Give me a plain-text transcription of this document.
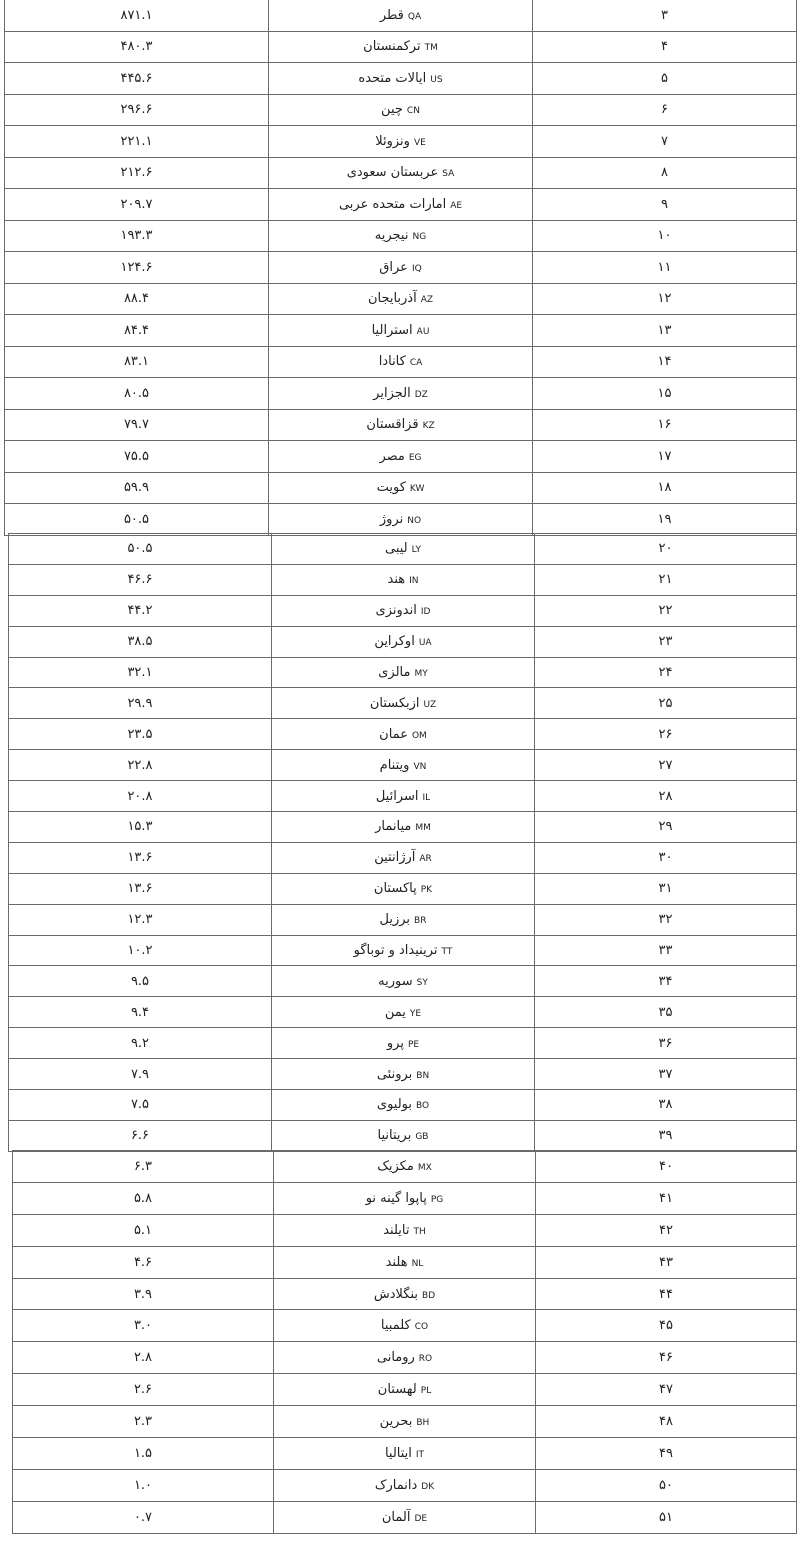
۸۷۱.۱	قطر QA	۳
۴۸۰.۳	ترکمنستان TM	۴
۴۴۵.۶	ایالات متحده US	۵
۲۹۶.۶	چین CN	۶
۲۲۱.۱	ونزوئلا VE	۷
۲۱۲.۶	عربستان سعودی SA	۸
۲۰۹.۷	امارات متحده عربی AE	۹
۱۹۳.۳	نیجریه NG	۱۰
۱۲۴.۶	عراق IQ	۱۱
۸۸.۴	آذربایجان AZ	۱۲
۸۴.۴	استرالیا AU	۱۳
۸۳.۱	کانادا CA	۱۴
۸۰.۵	الجزایر DZ	۱۵
۷۹.۷	قزاقستان KZ	۱۶
۷۵.۵	مصر EG	۱۷
۵۹.۹	کویت KW	۱۸
۵۰.۵	نروژ NO	۱۹
۵۰.۵	لیبی LY	۲۰
۴۶.۶	هند IN	۲۱
۴۴.۲	اندونزی ID	۲۲
۳۸.۵	اوکراین UA	۲۳
۳۲.۱	مالزی MY	۲۴
۲۹.۹	ازبکستان UZ	۲۵
۲۳.۵	عمان OM	۲۶
۲۲.۸	ویتنام VN	۲۷
۲۰.۸	اسرائیل IL	۲۸
۱۵.۳	میانمار MM	۲۹
۱۳.۶	آرژانتین AR	۳۰
۱۳.۶	پاکستان PK	۳۱
۱۲.۳	برزیل BR	۳۲
۱۰.۲	ترینیداد و توباگو TT	۳۳
۹.۵	سوریه SY	۳۴
۹.۴	یمن YE	۳۵
۹.۲	پرو PE	۳۶
۷.۹	برونئی BN	۳۷
۷.۵	بولیوی BO	۳۸
۶.۶	بریتانیا GB	۳۹
۶.۳	مکزیک MX	۴۰
۵.۸	پاپوا گینه نو PG	۴۱
۵.۱	تایلند TH	۴۲
۴.۶	هلند NL	۴۳
۳.۹	بنگلادش BD	۴۴
۳.۰	کلمبیا CO	۴۵
۲.۸	رومانی RO	۴۶
۲.۶	لهستان PL	۴۷
۲.۳	بحرین BH	۴۸
۱.۵	ایتالیا IT	۴۹
۱.۰	دانمارک DK	۵۰
۰.۷	آلمان DE	۵۱
